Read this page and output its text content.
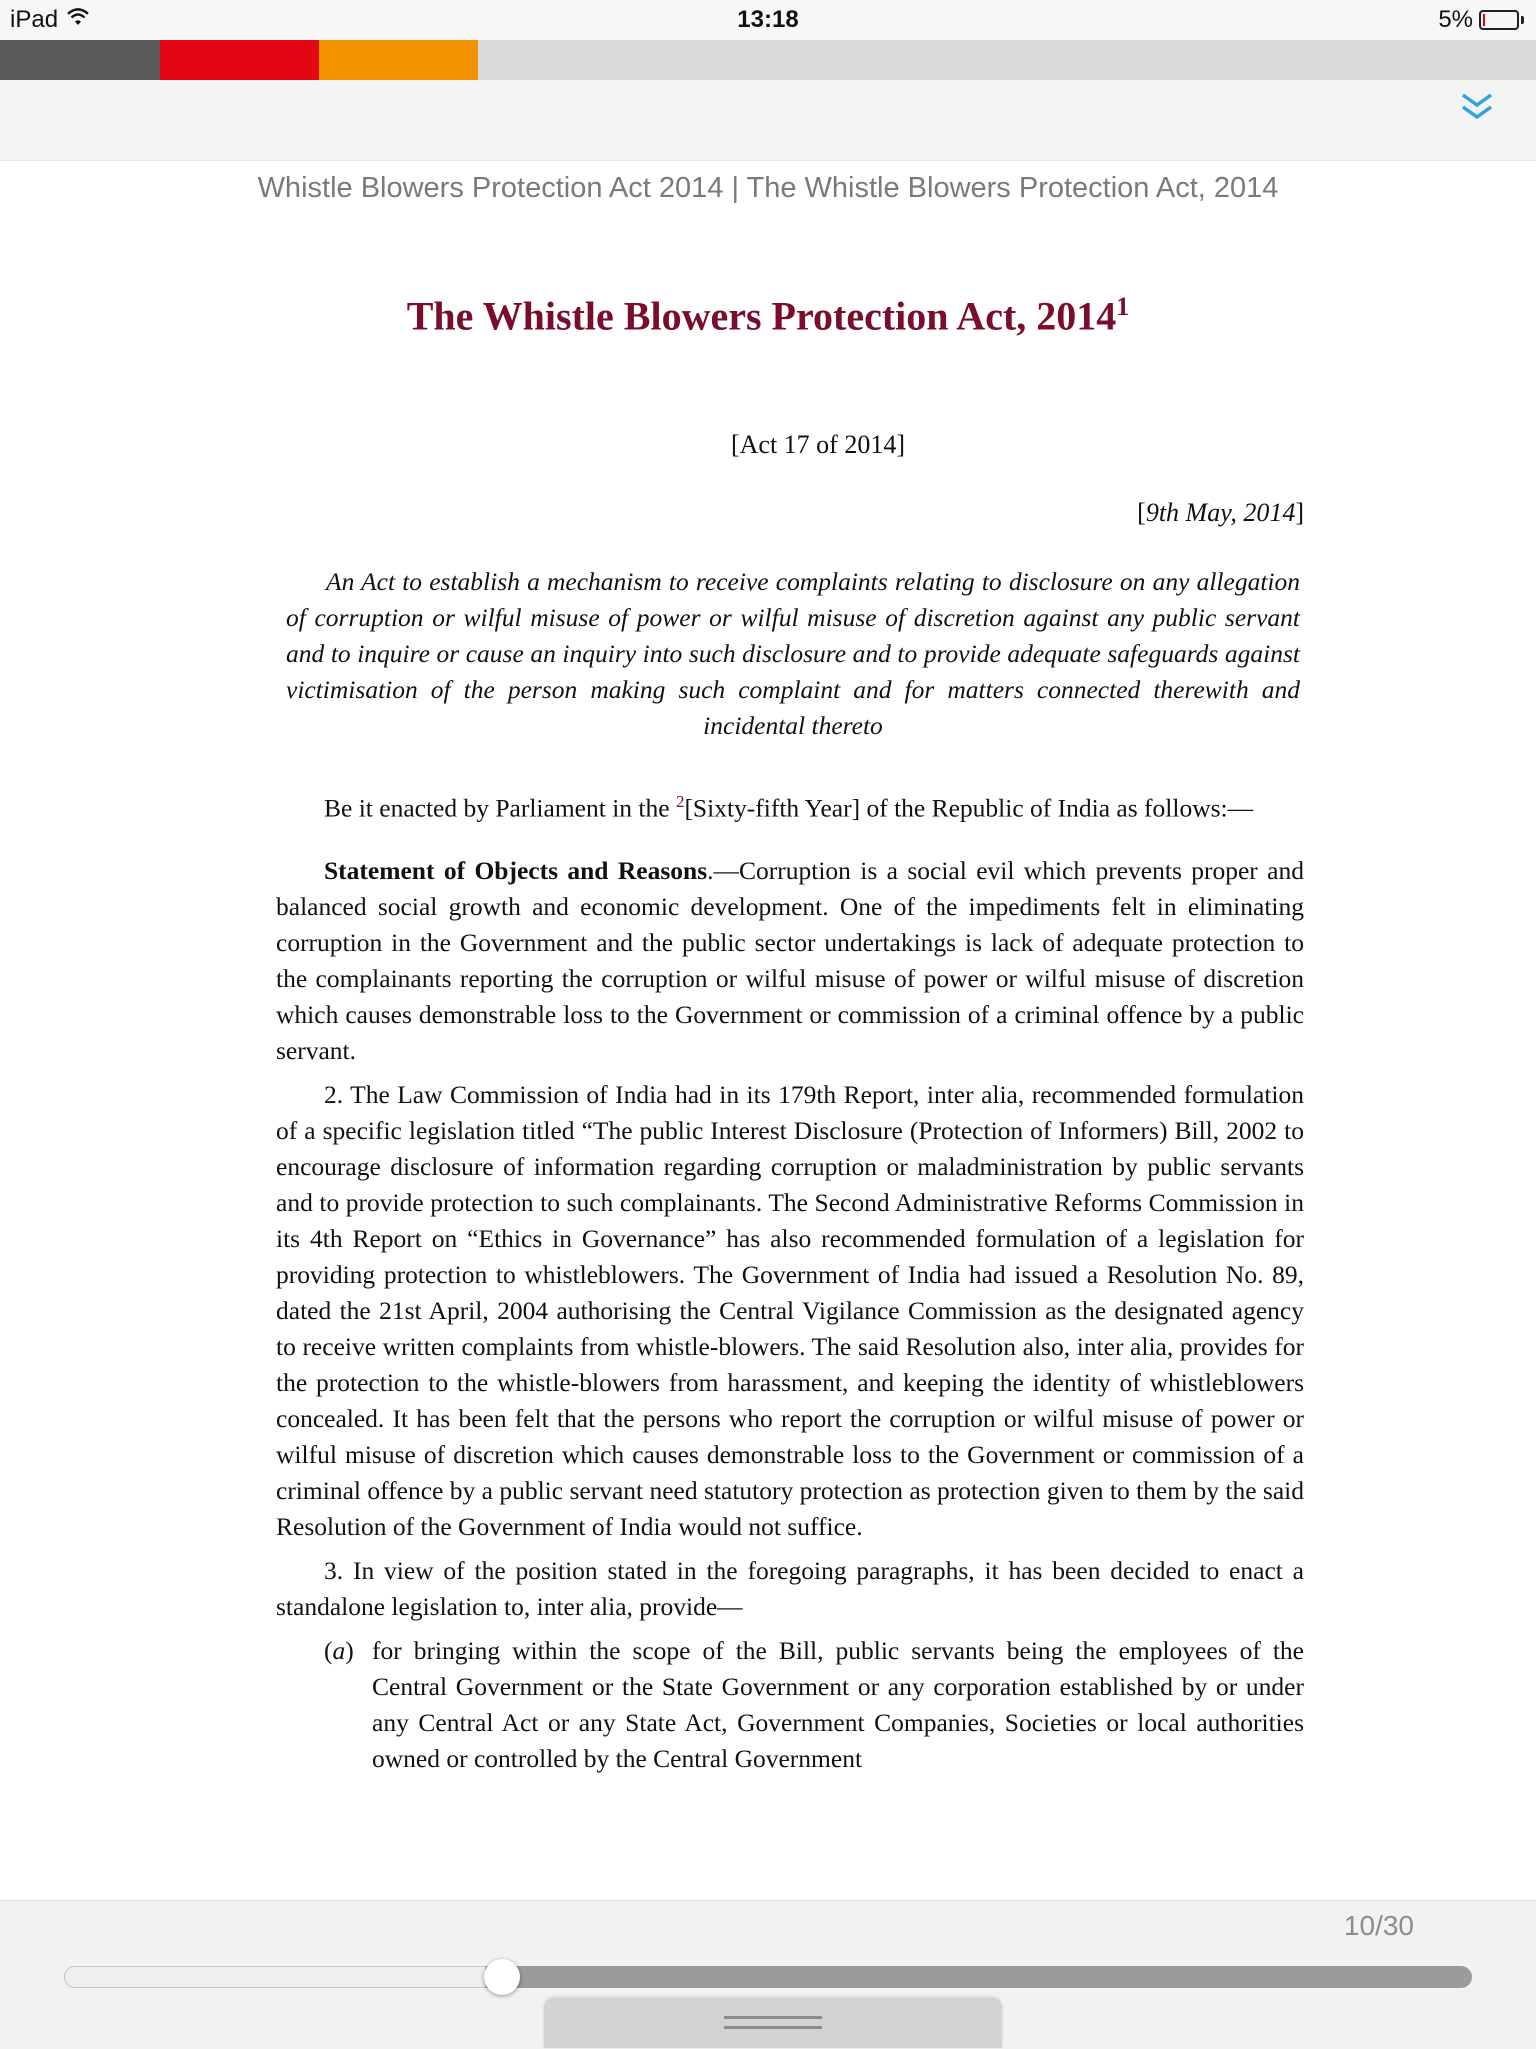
iPad	13:18	5%
Whistle Blowers Protection Act 2014 | The Whistle Blowers Protection Act, 2014
The Whistle Blowers Protection Act, 2014$^1$
[Act 17 of 2014]
[9th May, 2014]
An Act to establish a mechanism to receive complaints relating to disclosure on any allegation of corruption or wilful misuse of power or wilful misuse of discretion against any public servant and to inquire or cause an inquiry into such disclosure and to provide adequate safeguards against victimisation of the person making such complaint and for matters connected therewith and incidental thereto

Be it enacted by Parliament in the $^2$[Sixty-fifth Year] of the Republic of India as follows:—

Statement of Objects and Reasons.—Corruption is a social evil which prevents proper and balanced social growth and economic development. One of the impediments felt in eliminating corruption in the Government and the public sector undertakings is lack of adequate protection to the complainants reporting the corruption or wilful misuse of power or wilful misuse of discretion which causes demonstrable loss to the Government or commission of a criminal offence by a public servant.

2. The Law Commission of India had in its 179th Report, inter alia, recommended formulation of a specific legislation titled “The public Interest Disclosure (Protection of Informers) Bill, 2002 to encourage disclosure of information regarding corruption or maladministration by public servants and to provide protection to such complainants. The Second Administrative Reforms Commission in its 4th Report on “Ethics in Governance” has also recommended formulation of a legislation for providing protection to whistleblowers. The Government of India had issued a Resolution No. 89, dated the 21st April, 2004 authorising the Central Vigilance Commission as the designated agency to receive written complaints from whistle-blowers. The said Resolution also, inter alia, provides for the protection to the whistle-blowers from harassment, and keeping the identity of whistleblowers concealed. It has been felt that the persons who report the corruption or wilful misuse of power or wilful misuse of discretion which causes demonstrable loss to the Government or commission of a criminal offence by a public servant need statutory protection as protection given to them by the said Resolution of the Government of India would not suffice.

3. In view of the position stated in the foregoing paragraphs, it has been decided to enact a standalone legislation to, inter alia, provide—

(a) for bringing within the scope of the Bill, public servants being the employees of the Central Government or the State Government or any corporation established by or under any Central Act or any State Act, Government Companies, Societies or local authorities owned or controlled by the Central Government

10/30
